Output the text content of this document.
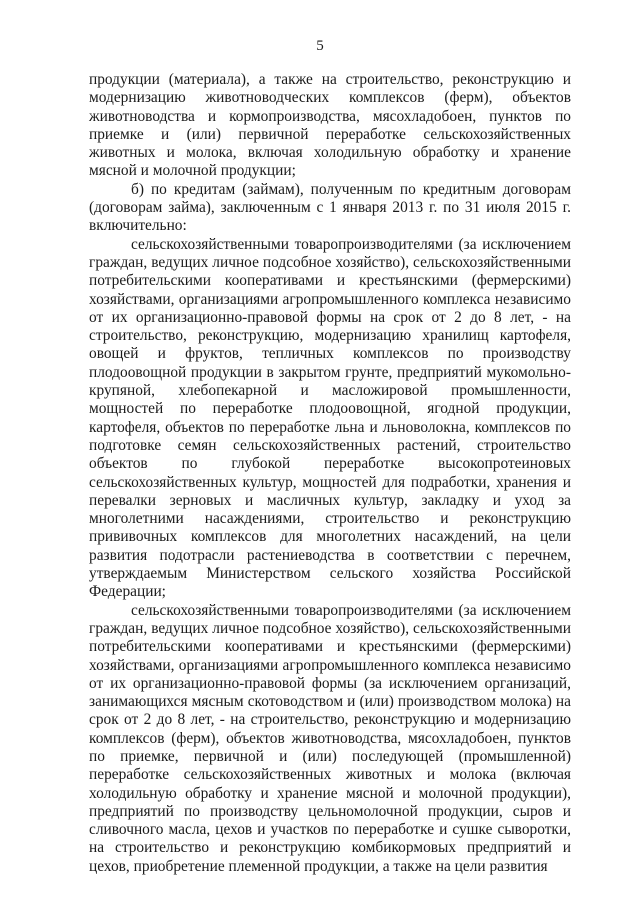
5

продукции (материала), а также на строительство, реконструкцию и модернизацию животноводческих комплексов (ферм), объектов животноводства и кормопроизводства, мясохладобоен, пунктов по приемке и (или) первичной переработке сельскохозяйственных животных и молока, включая холодильную обработку и хранение мясной и молочной продукции;

б) по кредитам (займам), полученным по кредитным договорам (договорам займа), заключенным с 1 января 2013 г. по 31 июля 2015 г. включительно:

сельскохозяйственными товаропроизводителями (за исключением граждан, ведущих личное подсобное хозяйство), сельскохозяйственными потребительскими кооперативами и крестьянскими (фермерскими) хозяйствами, организациями агропромышленного комплекса независимо от их организационно-правовой формы на срок от 2 до 8 лет, - на строительство, реконструкцию, модернизацию хранилищ картофеля, овощей и фруктов, тепличных комплексов по производству плодоовощной продукции в закрытом грунте, предприятий мукомольно-крупяной, хлебопекарной и масложировой промышленности, мощностей по переработке плодоовощной, ягодной продукции, картофеля, объектов по переработке льна и льноволокна, комплексов по подготовке семян сельскохозяйственных растений, строительство объектов по глубокой переработке высокопротеиновых сельскохозяйственных культур, мощностей для подработки, хранения и перевалки зерновых и масличных культур, закладку и уход за многолетними насаждениями, строительство и реконструкцию прививочных комплексов для многолетних насаждений, на цели развития подотрасли растениеводства в соответствии с перечнем, утверждаемым Министерством сельского хозяйства Российской Федерации;

сельскохозяйственными товаропроизводителями (за исключением граждан, ведущих личное подсобное хозяйство), сельскохозяйственными потребительскими кооперативами и крестьянскими (фермерскими) хозяйствами, организациями агропромышленного комплекса независимо от их организационно-правовой формы (за исключением организаций, занимающихся мясным скотоводством и (или) производством молока) на срок от 2 до 8 лет, - на строительство, реконструкцию и модернизацию комплексов (ферм), объектов животноводства, мясохладобоен, пунктов по приемке, первичной и (или) последующей (промышленной) переработке сельскохозяйственных животных и молока (включая холодильную обработку и хранение мясной и молочной продукции), предприятий по производству цельномолочной продукции, сыров и сливочного масла, цехов и участков по переработке и сушке сыворотки, на строительство и реконструкцию комбикормовых предприятий и цехов, приобретение племенной продукции, а также на цели развития
